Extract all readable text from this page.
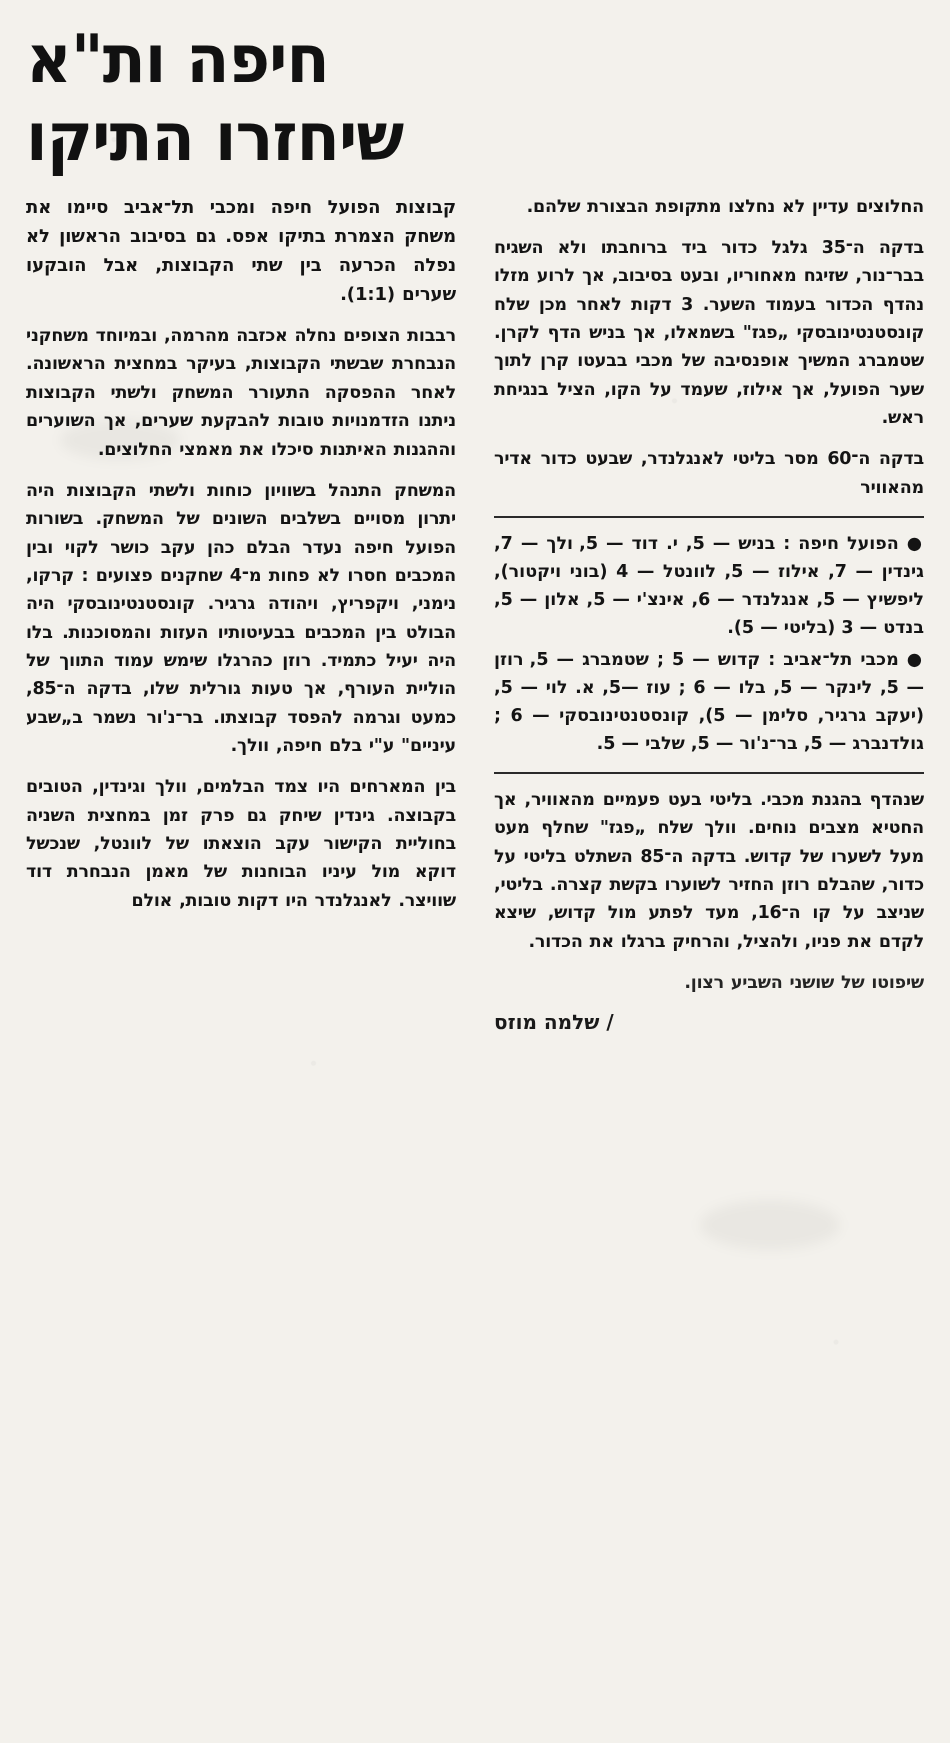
חיפה ות"א
שיחזרו התיקו

קבוצות הפועל חיפה ומכבי תל־אביב סיימו את משחק הצמרת בתיקו אפס. גם בסיבוב הראשון לא נפלה הכרעה בין שתי הקבוצות, אבל הובקעו שערים (1:1).

רבבות הצופים נחלה אכזבה מהרמה, ובמיוחד משחקני הנבחרת שבשתי הקבוצות, בעיקר במחצית הראשונה. לאחר ההפסקה התעורר המשחק ולשתי הקבוצות ניתנו הזדמנויות טובות להבקעת שערים, אך השוערים וההגנות האיתנות סיכלו את מאמצי החלוצים.

המשחק התנהל בשוויון כוחות ולשתי הקבוצות היה יתרון מסויים בשלבים השונים של המשחק. בשורות הפועל חיפה נעדר הבלם כהן עקב כושר לקוי ובין המכבים חסרו לא פחות מ־4 שחקנים פצועים : קרקו, נימני, ויקפריץ, ויהודה גרגיר. קונסטנטינובסקי היה הבולט בין המכבים בבעיטותיו העזות והמסוכנות. בלו היה יעיל כתמיד. רוזן כהרגלו שימש עמוד התווך של הוליית העורף, אך טעות גורלית שלו, בדקה ה־85, כמעט וגרמה להפסד קבוצתו. בר־נ'ור נשמר ב„שבע עיניים" ע"י בלם חיפה, וולך.

בין המארחים היו צמד הבלמים, וולך וגינדין, הטובים בקבוצה. גינדין שיחק גם פרק זמן במחצית השניה בחוליית הקישור עקב הוצאתו של לוונטל, שנכשל דוקא מול עיניו הבוחנות של מאמן הנבחרת דוד שוויצר. לאנגלנדר היו דקות טובות, אולם

החלוצים עדיין לא נחלצו מתקופת הבצורת שלהם.

בדקה ה־35 גלגל כדור ביד ברוחבתו ולא השגיח בבר־נור, שזיגח מאחוריו, ובעט בסיבוב, אך לרוע מזלו נהדף הכדור בעמוד השער. 3 דקות לאחר מכן שלח קונסטנטינובסקי „פגז" בשמאלו, אך בניש הדף לקרן. שטמברג המשיך אופנסיבה של מכבי בבעטו קרן לתוך שער הפועל, אך אילוז, שעמד על הקו, הציל בנגיחת ראש.

בדקה ה־60 מסר בליטי לאנגלנדר, שבעט כדור אדיר מהאוויר

● הפועל חיפה : בניש — 5, י. דוד — 5, ולך — 7, גינדין — 7, אילוז — 5, לוונטל — 4 (בוני ויקטור), ליפשיץ — 5, אנגלנדר — 6, אינצ'י — 5, אלון — 5, בנדט — 3 (בליטי — 5).

● מכבי תל־אביב : קדוש — 5 ; שטמברג — 5, רוזן — 5, לינקר — 5, בלו — 6 ; עוז —5, א. לוי — 5, (יעקב גרגיר, סלימן — 5), קונסטנטינובסקי — 6 ; גולדנברג — 5, בר־נ'ור — 5, שלבי — 5.

שנהדף בהגנת מכבי. בליטי בעט פעמיים מהאוויר, אך החטיא מצבים נוחים. וולך שלח „פגז" שחלף מעט מעל לשערו של קדוש. בדקה ה־85 השתלט בליטי על כדור, שהבלם רוזן החזיר לשוערו בקשת קצרה. בליטי, שניצב על קו ה־16, מעד לפתע מול קדוש, שיצא לקדם את פניו, ולהציל, והרחיק ברגלו את הכדור.

שיפוטו של שושני השביע רצון.

/ שלמה מוזס
